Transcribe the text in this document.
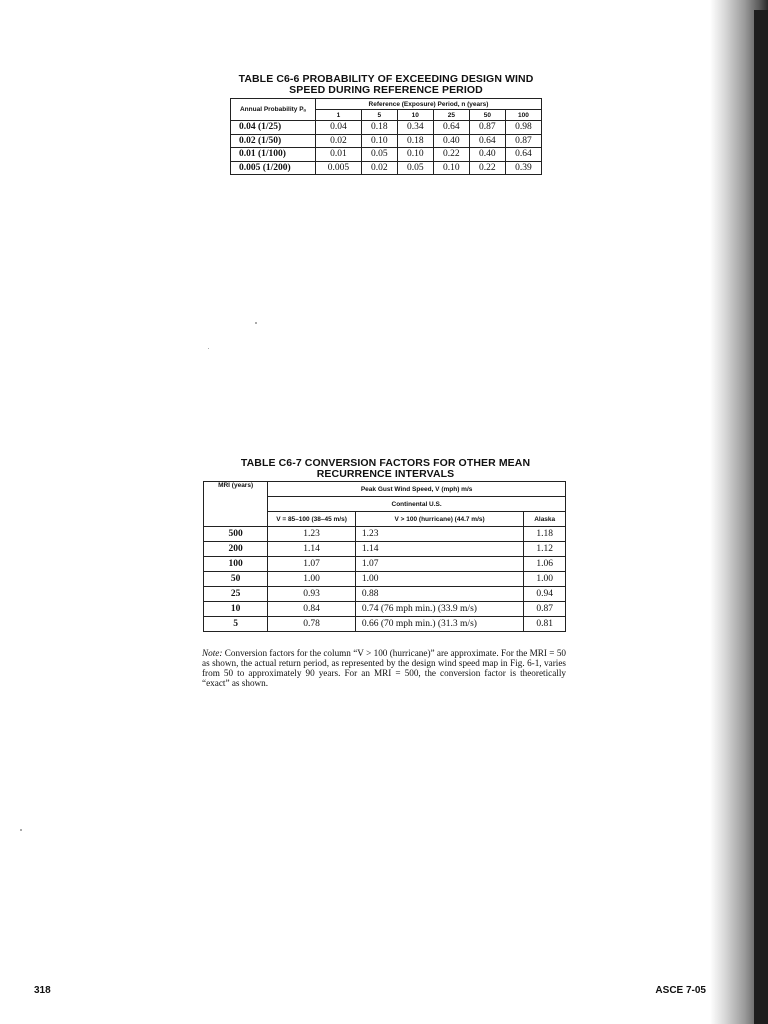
TABLE C6-6 PROBABILITY OF EXCEEDING DESIGN WIND SPEED DURING REFERENCE PERIOD
Annual Probability Pₐ	Reference (Exposure) Period, n (years)					
	1	5	10	25	50	100
0.04 (1/25)	0.04	0.18	0.34	0.64	0.87	0.98
0.02 (1/50)	0.02	0.10	0.18	0.40	0.64	0.87
0.01 (1/100)	0.01	0.05	0.10	0.22	0.40	0.64
0.005 (1/200)	0.005	0.02	0.05	0.10	0.22	0.39
TABLE C6-7 CONVERSION FACTORS FOR OTHER MEAN RECURRENCE INTERVALS
MRI (years)	Peak Gust Wind Speed, V (mph) m/s		
	Continental U.S.		
	V = 85–100 (38–45 m/s)	V > 100 (hurricane) (44.7 m/s)	Alaska
500	1.23	1.23	1.18
200	1.14	1.14	1.12
100	1.07	1.07	1.06
50	1.00	1.00	1.00
25	0.93	0.88	0.94
10	0.84	0.74 (76 mph min.) (33.9 m/s)	0.87
5	0.78	0.66 (70 mph min.) (31.3 m/s)	0.81
Note: Conversion factors for the column “V > 100 (hurricane)” are approximate. For the MRI = 50 as shown, the actual return period, as represented by the design wind speed map in Fig. 6-1, varies from 50 to approximately 90 years. For an MRI = 500, the conversion factor is theoretically “exact” as shown.
318	ASCE 7-05
